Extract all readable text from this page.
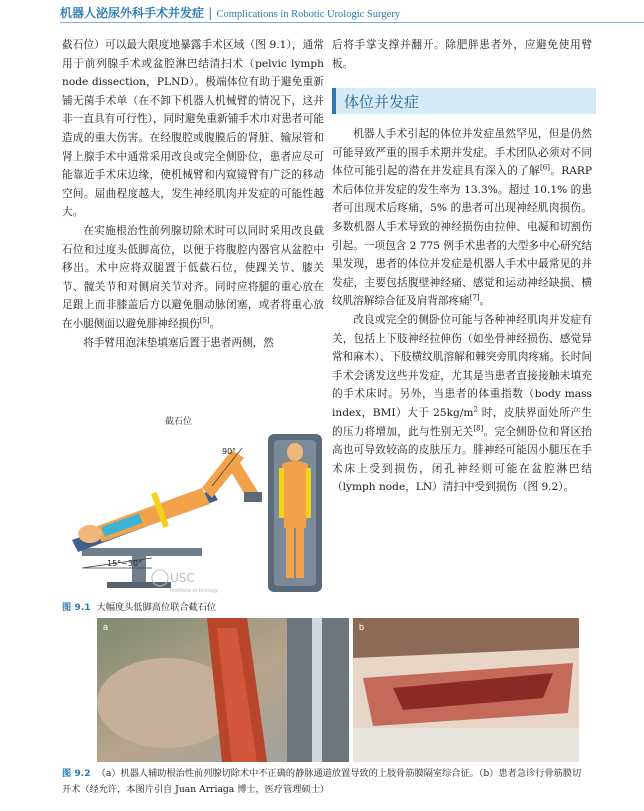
机器人泌尿外科手术并发症 | Complications in Robotic Urologic Surgery

截石位）可以最大限度地暴露手术区域（图 9.1），通常用于前列腺手术或盆腔淋巴结清扫术（pelvic lymph node dissection，PLND）。极端体位有助于避免重新铺无菌手术单（在不卸下机器人机械臂的情况下，这并非一直具有可行性），同时避免重新铺手术巾对患者可能造成的重大伤害。在经腹腔或腹膜后的肾脏、输尿管和肾上腺手术中通常采用改良或完全侧卧位，患者应尽可能靠近手术床边缘，使机械臂和内窥镜臂有广泛的移动空间。屈曲程度越大，发生神经肌肉并发症的可能性越大。

在实施根治性前列腺切除术时可以同时采用改良截石位和过度头低脚高位，以便于将腹腔内器官从盆腔中移出。术中应将双腿置于低截石位，使踝关节、膝关节、髋关节和对侧肩关节对齐。同时应将腿的重心放在足跟上而非膝盖后方以避免腘动脉闭塞，或者将重心放在小腿侧面以避免腓神经损伤[5]。

将手臂用泡沫垫填塞后置于患者两侧，然

后将手掌支撑并翻开。除肥胖患者外，应避免使用臂板。

体位并发症

机器人手术引起的体位并发症虽然罕见，但是仍然可能导致严重的围手术期并发症。手术团队必须对不同体位可能引起的潜在并发症具有深入的了解[6]。RARP 术后体位并发症的发生率为 13.3%。超过 10.1% 的患者可出现术后疼痛，5% 的患者可出现神经肌肉损伤。多数机器人手术导致的神经损伤由拉伸、电凝和切割伤引起。一项包含 2 775 例手术患者的大型多中心研究结果发现，患者的体位并发症是机器人手术中最常见的并发症，主要包括腹壁神经痛、感觉和运动神经缺损、横纹肌溶解综合征及肩背部疼痛[7]。

改良或完全的侧卧位可能与各种神经肌肉并发症有关，包括上下肢神经拉伸伤（如坐骨神经损伤、感觉异常和麻木）、下肢横纹肌溶解和棘突旁肌肉疼痛。长时间手术会诱发这些并发症，尤其是当患者直接接触未填充的手术床时。另外，当患者的体重指数（body mass index，BMI）大于 $25kg/m^2$ 时，皮肤界面处所产生的压力将增加，此与性别无关[8]。完全侧卧位和肾区抬高也可导致较高的皮肤压力。腓神经可能因小腿压在手术床上受到损伤，闭孔神经则可能在盆腔淋巴结（lymph node，LN）清扫中受到损伤（图 9.2）。

截石位
90°
15°~30°
USC
Institute of Urology
图 9.1 大幅度头低脚高位联合截石位
a	b
图 9.2 （a）机器人辅助根治性前列腺切除术中不正确的静脉通道放置导致的上肢骨筋膜隔室综合征。（b）患者急诊行骨筋膜切开术（经允许，本图片引自 Juan Arriaga 博士，医疗管理硕士）
